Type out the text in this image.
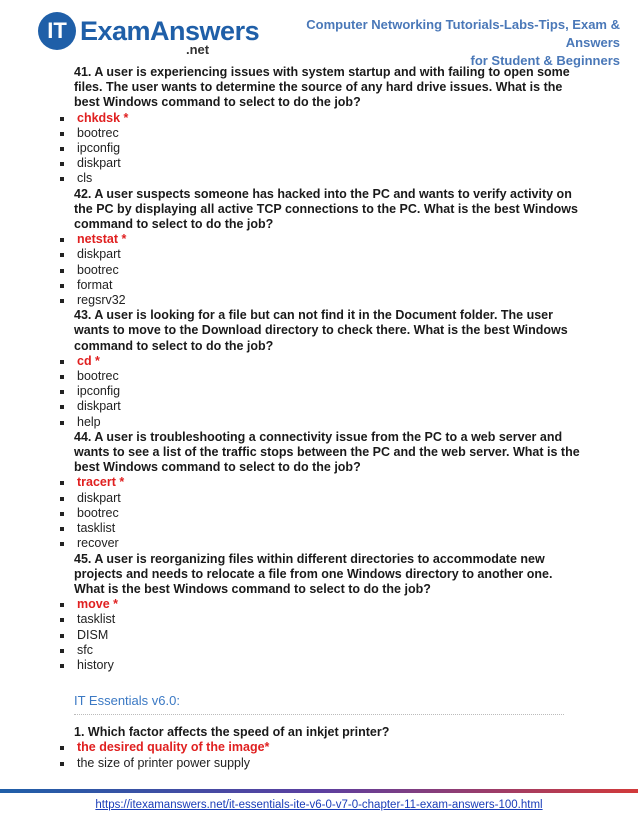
IT ExamAnswers
.net
Computer Networking Tutorials-Labs-Tips, Exam & Answers
for Student & Beginners
41. A user is experiencing issues with system startup and with failing to open some files. The user wants to determine the source of any hard drive issues. What is the best Windows command to select to do the job?
chkdsk *
bootrec
ipconfig
diskpart
cls
42. A user suspects someone has hacked into the PC and wants to verify activity on the PC by displaying all active TCP connections to the PC. What is the best Windows command to select to do the job?
netstat *
diskpart
bootrec
format
regsrv32
43. A user is looking for a file but can not find it in the Document folder. The user wants to move to the Download directory to check there. What is the best Windows command to select to do the job?
cd *
bootrec
ipconfig
diskpart
help
44. A user is troubleshooting a connectivity issue from the PC to a web server and wants to see a list of the traffic stops between the PC and the web server. What is the best Windows command to select to do the job?
tracert *
diskpart
bootrec
tasklist
recover
45. A user is reorganizing files within different directories to accommodate new projects and needs to relocate a file from one Windows directory to another one. What is the best Windows command to select to do the job?
move *
tasklist
DISM
sfc
history
IT Essentials v6.0:
1. Which factor affects the speed of an inkjet printer?
the desired quality of the image*
the size of printer power supply
https://itexamanswers.net/it-essentials-ite-v6-0-v7-0-chapter-11-exam-answers-100.html
